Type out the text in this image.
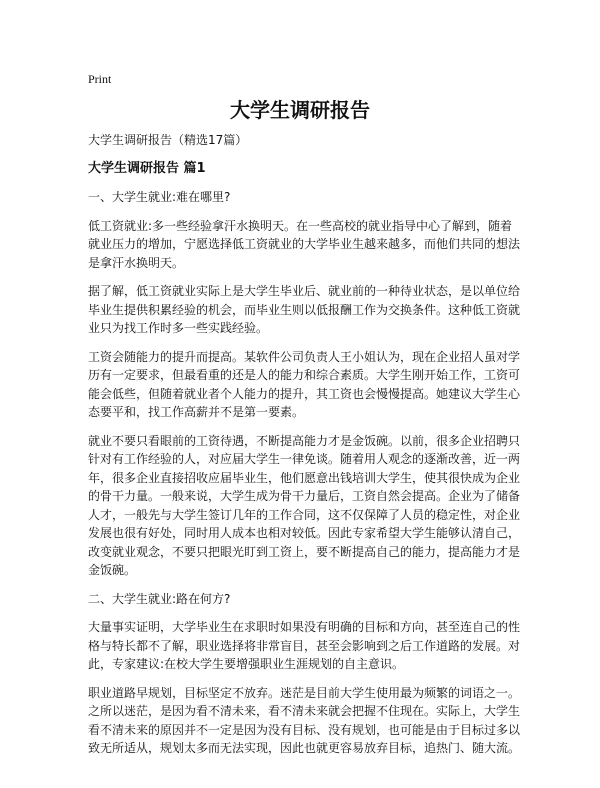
Print
大学生调研报告
大学生调研报告（精选17篇）
大学生调研报告 篇1
一、大学生就业:难在哪里?

低工资就业:多一些经验拿汗水换明天。在一些高校的就业指导中心了解到，随着就业压力的增加，宁愿选择低工资就业的大学毕业生越来越多，而他们共同的想法是拿汗水换明天。

据了解，低工资就业实际上是大学生毕业后、就业前的一种待业状态，是以单位给毕业生提供积累经验的机会，而毕业生则以低报酬工作为交换条件。这种低工资就业只为找工作时多一些实践经验。

工资会随能力的提升而提高。某软件公司负责人王小姐认为，现在企业招人虽对学历有一定要求，但最看重的还是人的能力和综合素质。大学生刚开始工作，工资可能会低些，但随着就业者个人能力的提升，其工资也会慢慢提高。她建议大学生心态要平和，找工作高薪并不是第一要素。

就业不要只看眼前的工资待遇，不断提高能力才是金饭碗。以前，很多企业招聘只针对有工作经验的人，对应届大学生一律免谈。随着用人观念的逐渐改善，近一两年，很多企业直接招收应届毕业生，他们愿意出钱培训大学生，使其很快成为企业的骨干力量。一般来说，大学生成为骨干力量后，工资自然会提高。企业为了储备人才，一般先与大学生签订几年的工作合同，这不仅保障了人员的稳定性，对企业发展也很有好处，同时用人成本也相对较低。因此专家希望大学生能够认清自己，改变就业观念，不要只把眼光盯到工资上，要不断提高自己的能力，提高能力才是金饭碗。

二、大学生就业:路在何方?

大量事实证明，大学毕业生在求职时如果没有明确的目标和方向，甚至连自己的性格与特长都不了解，职业选择将非常盲目，甚至会影响到之后工作道路的发展。对此，专家建议:在校大学生要增强职业生涯规划的自主意识。

职业道路早规划，目标坚定不放弃。迷茫是目前大学生使用最为频繁的词语之一。之所以迷茫，是因为看不清未来，看不清未来就会把握不住现在。实际上，大学生看不清未来的原因并不一定是因为没有目标、没有规划，也可能是由于目标过多以致无所适从，规划太多而无法实现，因此也就更容易放弃目标，追热门、随大流。
